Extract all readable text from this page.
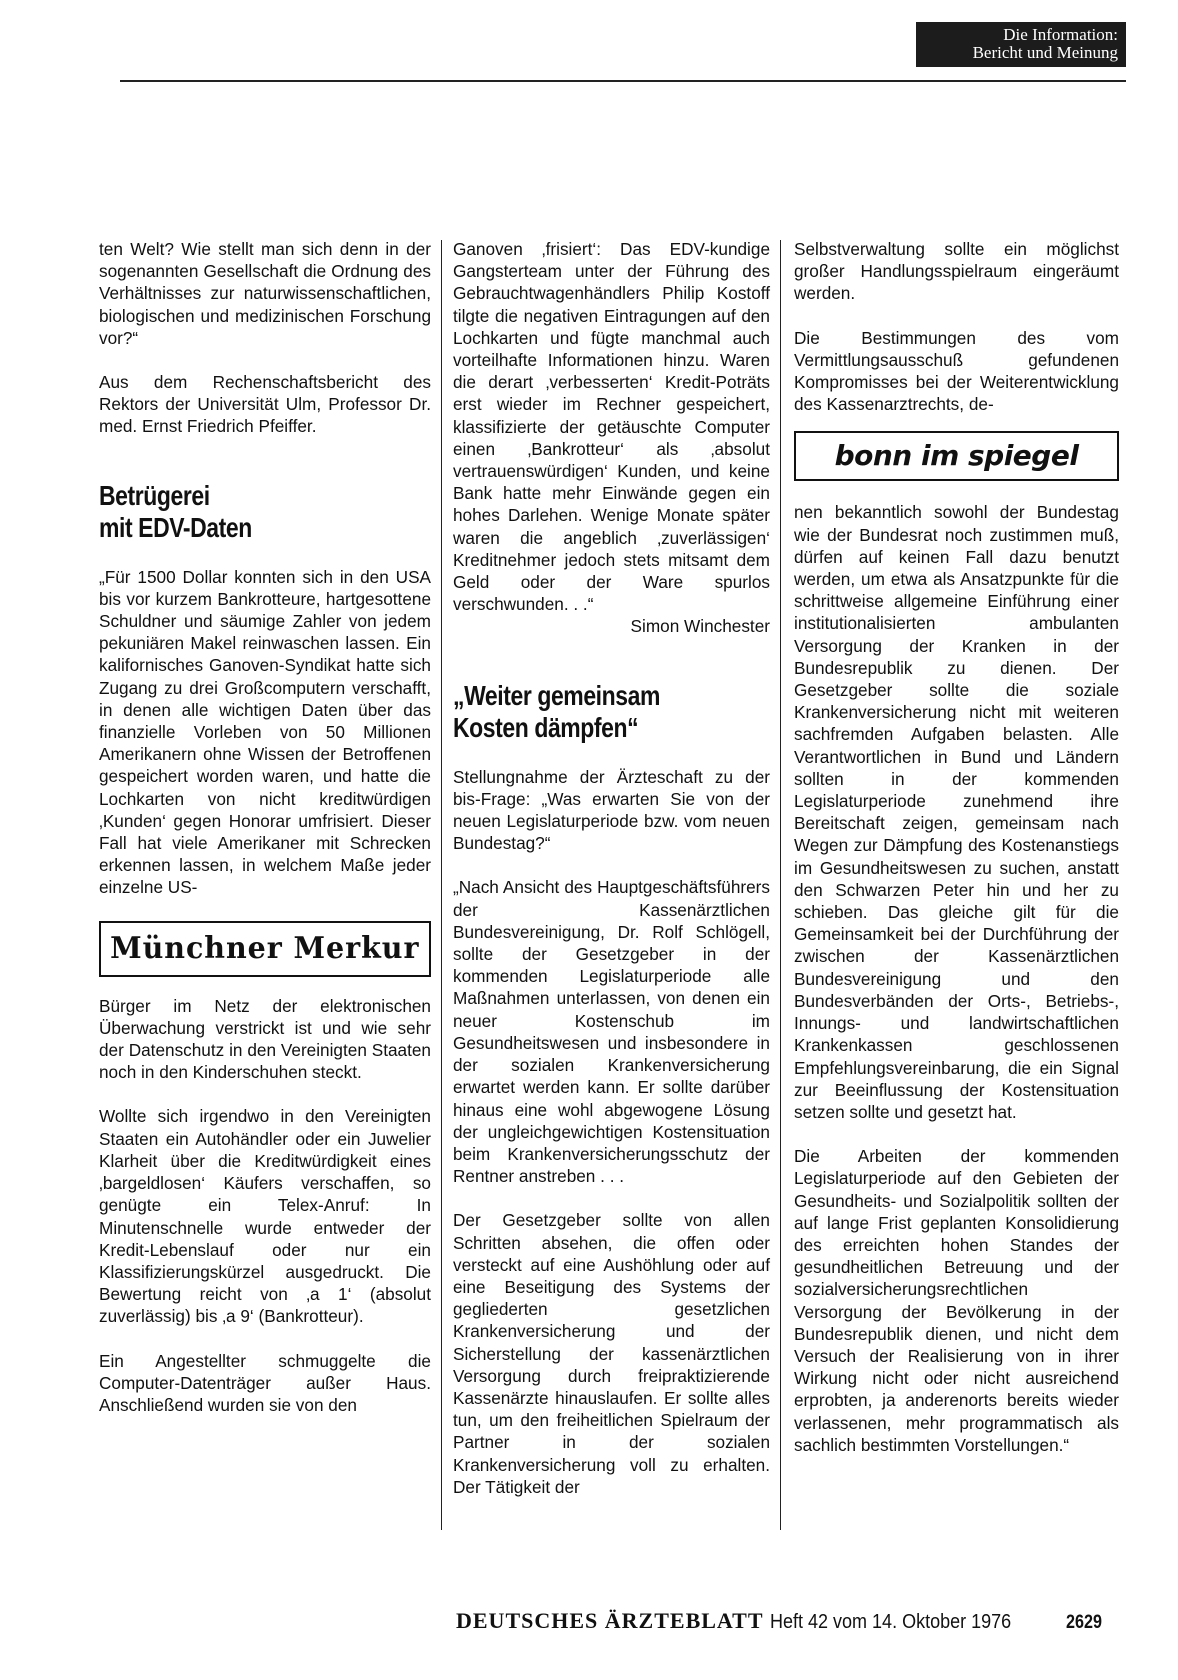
Die Information:
Bericht und Meinung

ten Welt? Wie stellt man sich denn in der sogenannten Gesellschaft die Ordnung des Verhältnisses zur naturwissenschaftlichen, biologischen und medizinischen Forschung vor?“

Aus dem Rechenschaftsbericht des Rektors der Universität Ulm, Professor Dr. med. Ernst Friedrich Pfeiffer.

Betrügerei
mit EDV-Daten

„Für 1500 Dollar konnten sich in den USA bis vor kurzem Bankrotteure, hartgesottene Schuldner und säumige Zahler von jedem pekuniären Makel reinwaschen lassen. Ein kalifornisches Ganoven-Syndikat hatte sich Zugang zu drei Großcomputern verschafft, in denen alle wichtigen Daten über das finanzielle Vorleben von 50 Millionen Amerikanern ohne Wissen der Betroffenen gespeichert worden waren, und hatte die Lochkarten von nicht kreditwürdigen ‚Kunden‘ gegen Honorar umfrisiert. Dieser Fall hat viele Amerikaner mit Schrecken erkennen lassen, in welchem Maße jeder einzelne US-

Münchner Merkur

Bürger im Netz der elektronischen Überwachung verstrickt ist und wie sehr der Datenschutz in den Vereinigten Staaten noch in den Kinderschuhen steckt.

Wollte sich irgendwo in den Vereinigten Staaten ein Autohändler oder ein Juwelier Klarheit über die Kreditwürdigkeit eines ‚bargeldlosen‘ Käufers verschaffen, so genügte ein Telex-Anruf: In Minutenschnelle wurde entweder der Kredit-Lebenslauf oder nur ein Klassifizierungskürzel ausgedruckt. Die Bewertung reicht von ‚a 1‘ (absolut zuverlässig) bis ‚a 9‘ (Bankrotteur).

Ein Angestellter schmuggelte die Computer-Datenträger außer Haus. Anschließend wurden sie von den

Ganoven ‚frisiert‘: Das EDV-kundige Gangsterteam unter der Führung des Gebrauchtwagenhändlers Philip Kostoff tilgte die negativen Eintragungen auf den Lochkarten und fügte manchmal auch vorteilhafte Informationen hinzu. Waren die derart ‚verbesserten‘ Kredit-Poträts erst wieder im Rechner gespeichert, klassifizierte der getäuschte Computer einen ‚Bankrotteur‘ als ‚absolut vertrauenswürdigen‘ Kunden, und keine Bank hatte mehr Einwände gegen ein hohes Darlehen. Wenige Monate später waren die angeblich ‚zuverlässigen‘ Kreditnehmer jedoch stets mitsamt dem Geld oder der Ware spurlos verschwunden. . .“

Simon Winchester

„Weiter gemeinsam
Kosten dämpfen“

Stellungnahme der Ärzteschaft zu der bis-Frage: „Was erwarten Sie von der neuen Legislaturperiode bzw. vom neuen Bundestag?“

„Nach Ansicht des Hauptgeschäftsführers der Kassenärztlichen Bundesvereinigung, Dr. Rolf Schlögell, sollte der Gesetzgeber in der kommenden Legislaturperiode alle Maßnahmen unterlassen, von denen ein neuer Kostenschub im Gesundheitswesen und insbesondere in der sozialen Krankenversicherung erwartet werden kann. Er sollte darüber hinaus eine wohl abgewogene Lösung der ungleichgewichtigen Kostensituation beim Krankenversicherungsschutz der Rentner anstreben . . .

Der Gesetzgeber sollte von allen Schritten absehen, die offen oder versteckt auf eine Aushöhlung oder auf eine Beseitigung des Systems der gegliederten gesetzlichen Krankenversicherung und der Sicherstellung der kassenärztlichen Versorgung durch freipraktizierende Kassenärzte hinauslaufen. Er sollte alles tun, um den freiheitlichen Spielraum der Partner in der sozialen Krankenversicherung voll zu erhalten. Der Tätigkeit der

Selbstverwaltung sollte ein möglichst großer Handlungsspielraum eingeräumt werden.

Die Bestimmungen des vom Vermittlungsausschuß gefundenen Kompromisses bei der Weiterentwicklung des Kassenarztrechts, de-

bonn im spiegel

nen bekanntlich sowohl der Bundestag wie der Bundesrat noch zustimmen muß, dürfen auf keinen Fall dazu benutzt werden, um etwa als Ansatzpunkte für die schrittweise allgemeine Einführung einer institutionalisierten ambulanten Versorgung der Kranken in der Bundesrepublik zu dienen. Der Gesetzgeber sollte die soziale Krankenversicherung nicht mit weiteren sachfremden Aufgaben belasten. Alle Verantwortlichen in Bund und Ländern sollten in der kommenden Legislaturperiode zunehmend ihre Bereitschaft zeigen, gemeinsam nach Wegen zur Dämpfung des Kostenanstiegs im Gesundheitswesen zu suchen, anstatt den Schwarzen Peter hin und her zu schieben. Das gleiche gilt für die Gemeinsamkeit bei der Durchführung der zwischen der Kassenärztlichen Bundesvereinigung und den Bundesverbänden der Orts-, Betriebs-, Innungs- und landwirtschaftlichen Krankenkassen geschlossenen Empfehlungsvereinbarung, die ein Signal zur Beeinflussung der Kostensituation setzen sollte und gesetzt hat.

Die Arbeiten der kommenden Legislaturperiode auf den Gebieten der Gesundheits- und Sozialpolitik sollten der auf lange Frist geplanten Konsolidierung des erreichten hohen Standes der gesundheitlichen Betreuung und der sozialversicherungsrechtlichen Versorgung der Bevölkerung in der Bundesrepublik dienen, und nicht dem Versuch der Realisierung von in ihrer Wirkung nicht oder nicht ausreichend erprobten, ja anderenorts bereits wieder verlassenen, mehr programmatisch als sachlich bestimmten Vorstellungen.“

DEUTSCHES ÄRZTEBLATT Heft 42 vom 14. Oktober 1976	2629
